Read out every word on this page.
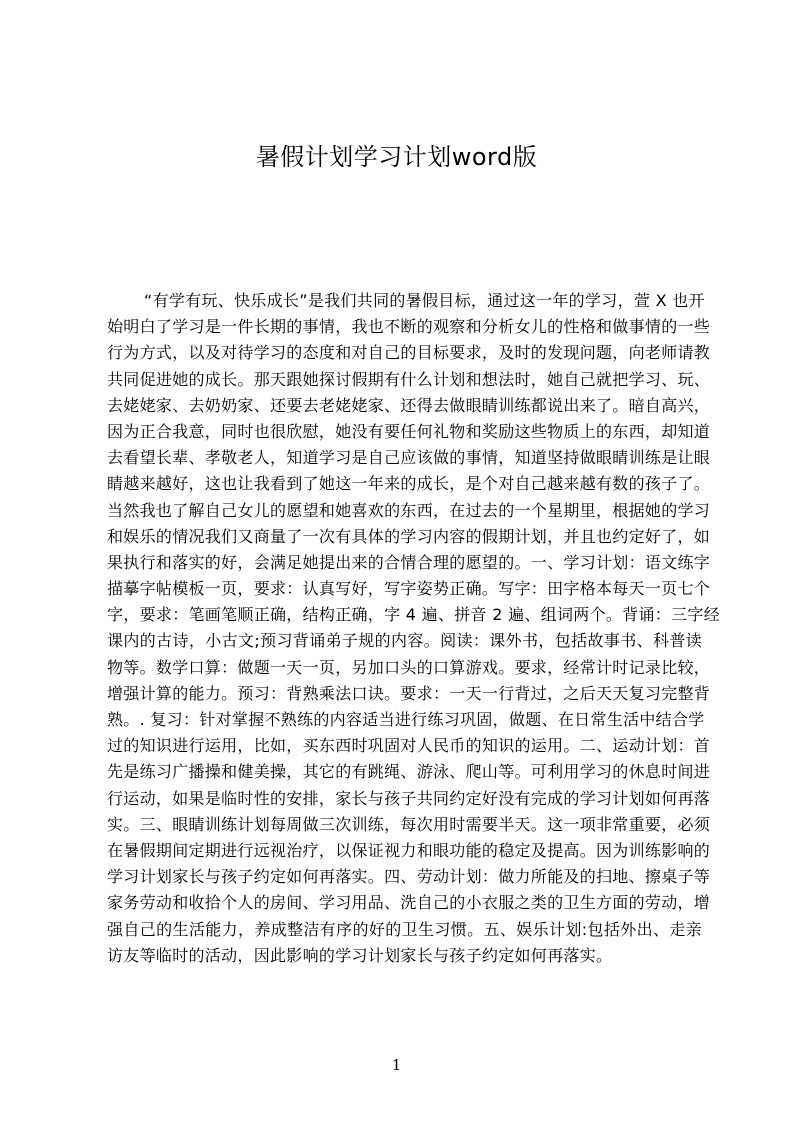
暑假计划学习计划word版
“有学有玩、快乐成长”是我们共同的暑假目标，通过这一年的学习，萱 X 也开
始明白了学习是一件长期的事情，我也不断的观察和分析女儿的性格和做事情的一些
行为方式，以及对待学习的态度和对自己的目标要求，及时的发现问题，向老师请教
共同促进她的成长。那天跟她探讨假期有什么计划和想法时，她自己就把学习、玩、
去姥姥家、去奶奶家、还要去老姥姥家、还得去做眼睛训练都说出来了。暗自高兴，
因为正合我意，同时也很欣慰，她没有要任何礼物和奖励这些物质上的东西，却知道
去看望长辈、孝敬老人，知道学习是自己应该做的事情，知道坚持做眼睛训练是让眼
睛越来越好，这也让我看到了她这一年来的成长，是个对自己越来越有数的孩子了。
当然我也了解自己女儿的愿望和她喜欢的东西，在过去的一个星期里，根据她的学习
和娱乐的情况我们又商量了一次有具体的学习内容的假期计划，并且也约定好了，如
果执行和落实的好，会满足她提出来的合情合理的愿望的。一、学习计划：语文练字
描摹字帖模板一页，要求：认真写好，写字姿势正确。写字：田字格本每天一页七个
字，要求：笔画笔顺正确，结构正确，字 4 遍、拼音 2 遍、组词两个。背诵：三字经
课内的古诗，小古文;预习背诵弟子规的内容。阅读：课外书，包括故事书、科普读
物等。数学口算：做题一天一页，另加口头的口算游戏。要求，经常计时记录比较，
增强计算的能力。预习：背熟乘法口诀。要求：一天一行背过，之后天天复习完整背
熟。. 复习：针对掌握不熟练的内容适当进行练习巩固，做题、在日常生活中结合学
过的知识进行运用，比如，买东西时巩固对人民币的知识的运用。二、运动计划：首
先是练习广播操和健美操，其它的有跳绳、游泳、爬山等。可利用学习的休息时间进
行运动，如果是临时性的安排，家长与孩子共同约定好没有完成的学习计划如何再落
实。三、眼睛训练计划每周做三次训练，每次用时需要半天。这一项非常重要，必须
在暑假期间定期进行远视治疗，以保证视力和眼功能的稳定及提高。因为训练影响的
学习计划家长与孩子约定如何再落实。四、劳动计划：做力所能及的扫地、擦桌子等
家务劳动和收拾个人的房间、学习用品、洗自己的小衣服之类的卫生方面的劳动，增
强自己的生活能力，养成整洁有序的好的卫生习惯。五、娱乐计划:包括外出、走亲
访友等临时的活动，因此影响的学习计划家长与孩子约定如何再落实。
1
